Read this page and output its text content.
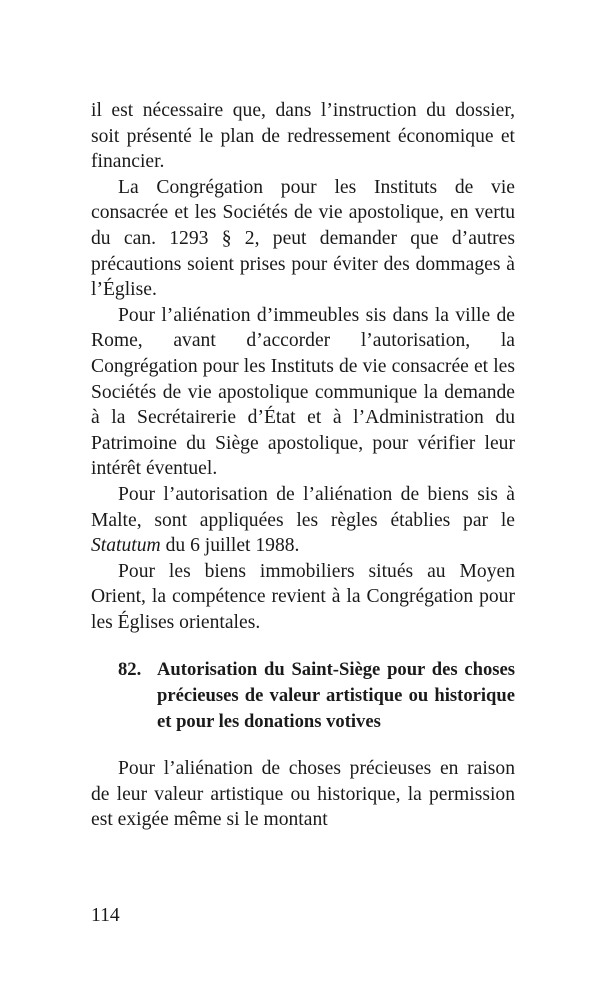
il est nécessaire que, dans l’instruction du dossier, soit présenté le plan de redressement économique et financier.

La Congrégation pour les Instituts de vie consacrée et les Sociétés de vie apostolique, en vertu du can. 1293 § 2, peut demander que d’autres précautions soient prises pour éviter des dommages à l’Église.

Pour l’aliénation d’immeubles sis dans la ville de Rome, avant d’accorder l’autorisation, la Congrégation pour les Instituts de vie consacrée et les Sociétés de vie apostolique communique la demande à la Secrétairerie d’État et à l’Administration du Patrimoine du Siège apostolique, pour vérifier leur intérêt éventuel.

Pour l’autorisation de l’aliénation de biens sis à Malte, sont appliquées les règles établies par le Statutum du 6 juillet 1988.

Pour les biens immobiliers situés au Moyen Orient, la compétence revient à la Congrégation pour les Églises orientales.

82. Autorisation du Saint-Siège pour des choses précieuses de valeur artistique ou historique et pour les donations votives

Pour l’aliénation de choses précieuses en raison de leur valeur artistique ou historique, la permission est exigée même si le montant

114
